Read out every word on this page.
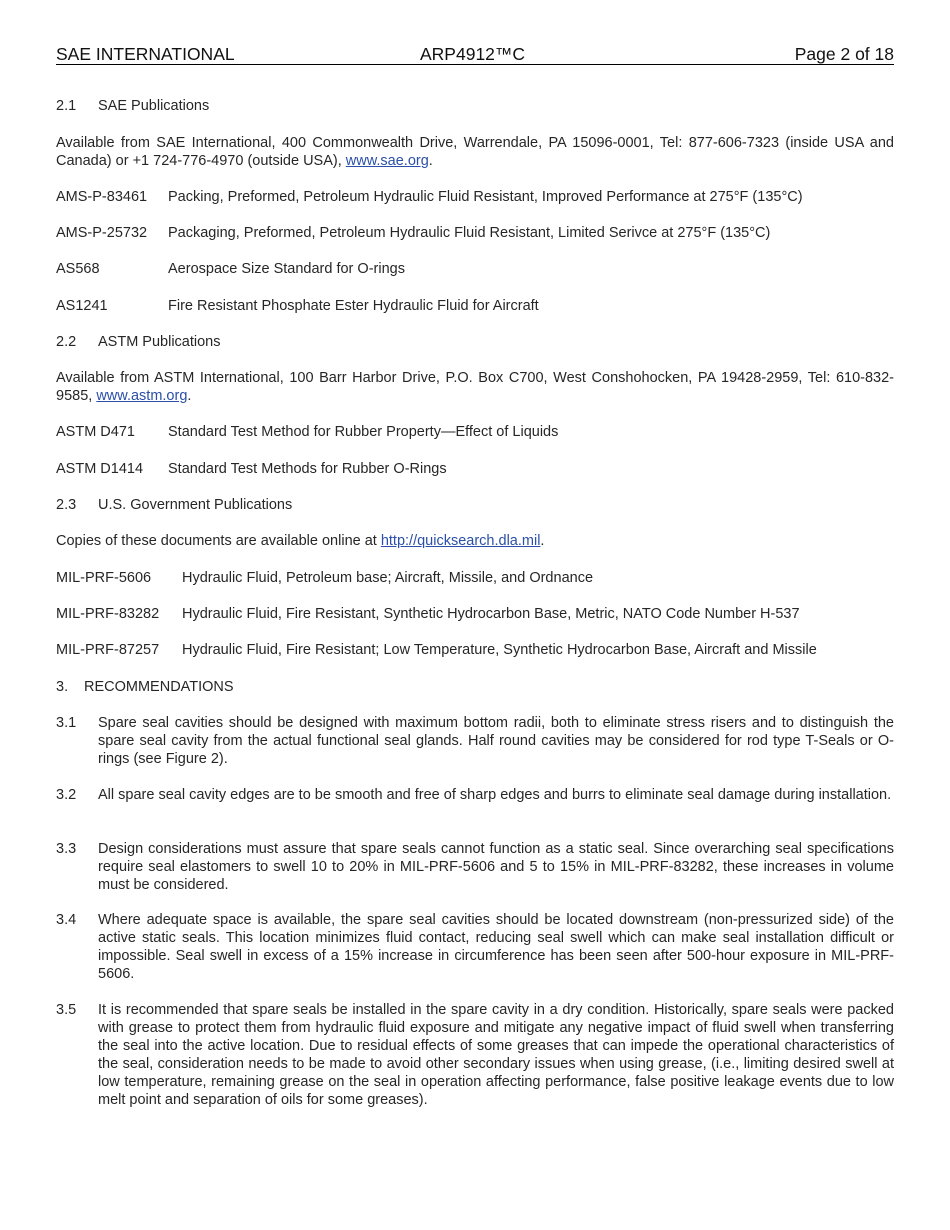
SAE INTERNATIONAL	ARP4912™C	Page 2 of 18
2.1 SAE Publications
Available from SAE International, 400 Commonwealth Drive, Warrendale, PA 15096-0001, Tel: 877-606-7323 (inside USA and Canada) or +1 724-776-4970 (outside USA), www.sae.org.
AMS-P-83461 Packing, Preformed, Petroleum Hydraulic Fluid Resistant, Improved Performance at 275°F (135°C)
AMS-P-25732 Packaging, Preformed, Petroleum Hydraulic Fluid Resistant, Limited Serivce at 275°F (135°C)
AS568	Aerospace Size Standard for O-rings
AS1241	Fire Resistant Phosphate Ester Hydraulic Fluid for Aircraft
2.2 ASTM Publications
Available from ASTM International, 100 Barr Harbor Drive, P.O. Box C700, West Conshohocken, PA 19428-2959, Tel: 610-832-9585, www.astm.org.
ASTM D471 Standard Test Method for Rubber Property—Effect of Liquids
ASTM D1414 Standard Test Methods for Rubber O-Rings
2.3 U.S. Government Publications
Copies of these documents are available online at http://quicksearch.dla.mil.
MIL-PRF-5606 Hydraulic Fluid, Petroleum base; Aircraft, Missile, and Ordnance
MIL-PRF-83282 Hydraulic Fluid, Fire Resistant, Synthetic Hydrocarbon Base, Metric, NATO Code Number H-537
MIL-PRF-87257 Hydraulic Fluid, Fire Resistant; Low Temperature, Synthetic Hydrocarbon Base, Aircraft and Missile
3. RECOMMENDATIONS
3.1 Spare seal cavities should be designed with maximum bottom radii, both to eliminate stress risers and to distinguish the spare seal cavity from the actual functional seal glands. Half round cavities may be considered for rod type T-Seals or O-rings (see Figure 2).
3.2 All spare seal cavity edges are to be smooth and free of sharp edges and burrs to eliminate seal damage during installation.
3.3 Design considerations must assure that spare seals cannot function as a static seal. Since overarching seal specifications require seal elastomers to swell 10 to 20% in MIL-PRF-5606 and 5 to 15% in MIL-PRF-83282, these increases in volume must be considered.
3.4 Where adequate space is available, the spare seal cavities should be located downstream (non-pressurized side) of the active static seals. This location minimizes fluid contact, reducing seal swell which can make seal installation difficult or impossible. Seal swell in excess of a 15% increase in circumference has been seen after 500-hour exposure in MIL-PRF-5606.
3.5 It is recommended that spare seals be installed in the spare cavity in a dry condition. Historically, spare seals were packed with grease to protect them from hydraulic fluid exposure and mitigate any negative impact of fluid swell when transferring the seal into the active location. Due to residual effects of some greases that can impede the operational characteristics of the seal, consideration needs to be made to avoid other secondary issues when using grease, (i.e., limiting desired swell at low temperature, remaining grease on the seal in operation affecting performance, false positive leakage events due to low melt point and separation of oils for some greases).
